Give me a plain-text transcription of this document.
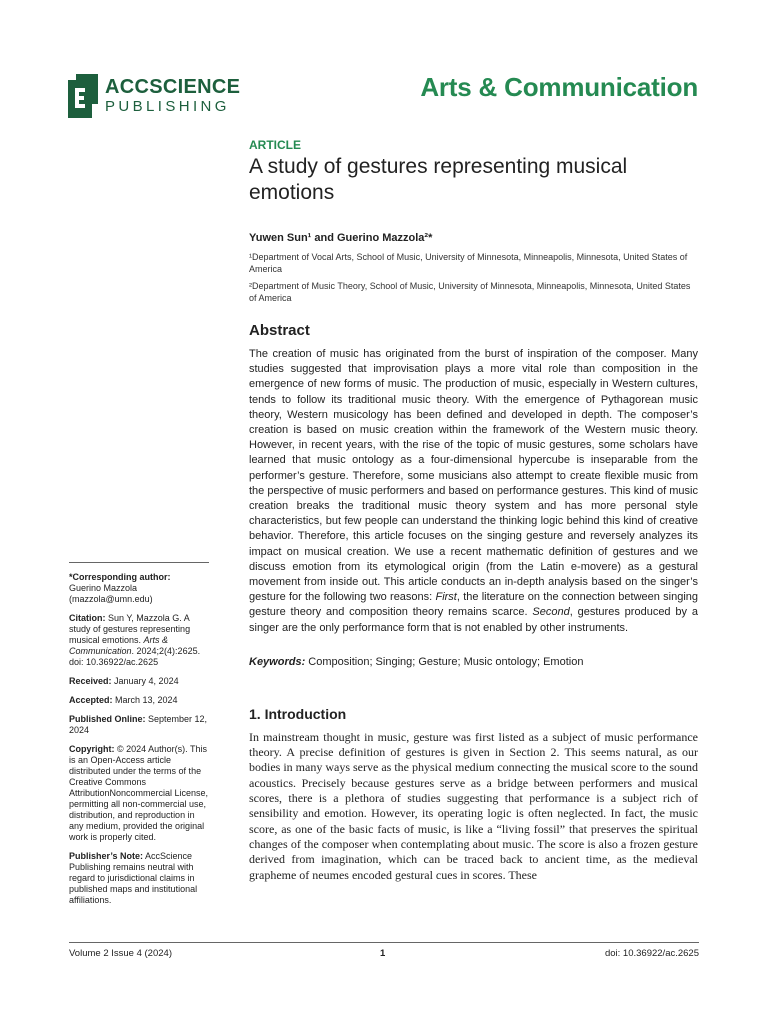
ACCSCIENCE
PUBLISHING
Arts & Communication
ARTICLE
A study of gestures representing musical emotions
Yuwen Sun¹ and Guerino Mazzola²*

¹Department of Vocal Arts, School of Music, University of Minnesota, Minneapolis, Minnesota, United States of America

²Department of Music Theory, School of Music, University of Minnesota, Minneapolis, Minnesota, United States of America

Abstract

The creation of music has originated from the burst of inspiration of the composer. Many studies suggested that improvisation plays a more vital role than composition in the emergence of new forms of music. The production of music, especially in Western cultures, tends to follow its traditional music theory. With the emergence of Pythagorean music theory, Western musicology has been defined and developed in depth. The composer’s creation is based on music creation within the framework of the Western music theory. However, in recent years, with the rise of the topic of music gestures, some scholars have learned that music ontology as a four-dimensional hypercube is inseparable from the performer’s gesture. Therefore, some musicians also attempt to create flexible music from the perspective of music performers and based on performance gestures. This kind of music creation breaks the traditional music theory system and has more personal style characteristics, but few people can understand the thinking logic behind this kind of creative behavior. Therefore, this article focuses on the singing gesture and reversely analyzes its impact on musical creation. We use a recent mathematic definition of gestures and we discuss emotion from its etymological origin (from the Latin e-movere) as a gestural movement from inside out. This article conducts an in-depth analysis based on the singer’s gesture for the following two reasons: First, the literature on the connection between singing gesture theory and composition theory remains scarce. Second, gestures produced by a singer are the only performance form that is not enabled by other instruments.

Keywords: Composition; Singing; Gesture; Music ontology; Emotion

1. Introduction

In mainstream thought in music, gesture was first listed as a subject of music performance theory. A precise definition of gestures is given in Section 2. This seems natural, as our bodies in many ways serve as the physical medium connecting the musical score to the sound acoustics. Precisely because gestures serve as a bridge between performers and musical scores, there is a plethora of studies suggesting that performance is a subject rich of sensibility and emotion. However, its operating logic is often neglected. In fact, the music score, as one of the basic facts of music, is like a “living fossil” that preserves the spiritual changes of the composer when contemplating about music. The score is also a frozen gesture derived from imagination, which can be traced back to ancient time, as the medieval grapheme of neumes encoded gestural cues in scores. These

*Corresponding author:
Guerino Mazzola
(mazzola@umn.edu)
Citation: Sun Y, Mazzola G. A study of gestures representing musical emotions. Arts & Communication. 2024;2(4):2625. doi: 10.36922/ac.2625
Received: January 4, 2024
Accepted: March 13, 2024
Published Online: September 12, 2024
Copyright: © 2024 Author(s). This is an Open-Access article distributed under the terms of the Creative Commons AttributionNoncommercial License, permitting all non-commercial use, distribution, and reproduction in any medium, provided the original work is properly cited.
Publisher’s Note: AccScience Publishing remains neutral with regard to jurisdictional claims in published maps and institutional affiliations.
Volume 2 Issue 4 (2024)	1	doi: 10.36922/ac.2625
